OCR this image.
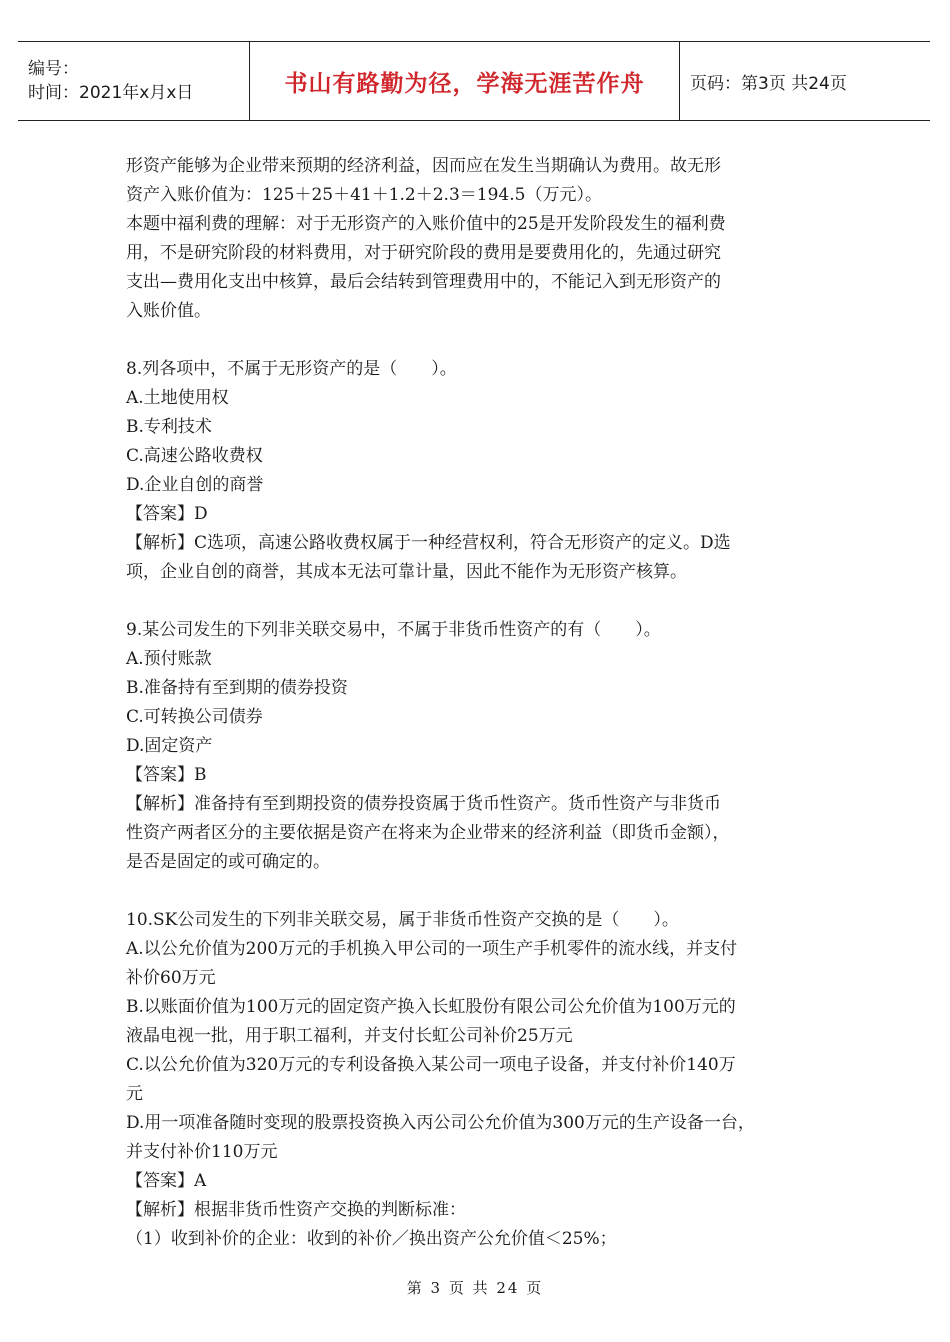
编号：
时间：2021年x月x日	书山有路勤为径，学海无涯苦作舟	页码：第3页 共24页

形资产能够为企业带来预期的经济利益，因而应在发生当期确认为费用。故无形

资产入账价值为：125＋25＋41＋1.2＋2.3＝194.5（万元）。

本题中福利费的理解：对于无形资产的入账价值中的25是开发阶段发生的福利费

用，不是研究阶段的材料费用，对于研究阶段的费用是要费用化的，先通过研究

支出—费用化支出中核算，最后会结转到管理费用中的，不能记入到无形资产的

入账价值。

8.列各项中，不属于无形资产的是（　　）。

A.土地使用权

B.专利技术

C.高速公路收费权

D.企业自创的商誉

【答案】D

【解析】C选项，高速公路收费权属于一种经营权利，符合无形资产的定义。D选

项，企业自创的商誉，其成本无法可靠计量，因此不能作为无形资产核算。

9.某公司发生的下列非关联交易中，不属于非货币性资产的有（　　）。

A.预付账款

B.准备持有至到期的债券投资

C.可转换公司债券

D.固定资产

【答案】B

【解析】准备持有至到期投资的债券投资属于货币性资产。货币性资产与非货币

性资产两者区分的主要依据是资产在将来为企业带来的经济利益（即货币金额），

是否是固定的或可确定的。

10.SK公司发生的下列非关联交易，属于非货币性资产交换的是（　　）。

A.以公允价值为200万元的手机换入甲公司的一项生产手机零件的流水线，并支付

补价60万元

B.以账面价值为100万元的固定资产换入长虹股份有限公司公允价值为100万元的

液晶电视一批，用于职工福利，并支付长虹公司补价25万元

C.以公允价值为320万元的专利设备换入某公司一项电子设备，并支付补价140万

元

D.用一项准备随时变现的股票投资换入丙公司公允价值为300万元的生产设备一台，

并支付补价110万元

【答案】A

【解析】根据非货币性资产交换的判断标准：

（1）收到补价的企业：收到的补价／换出资产公允价值＜25%；

第 3 页 共 24 页
